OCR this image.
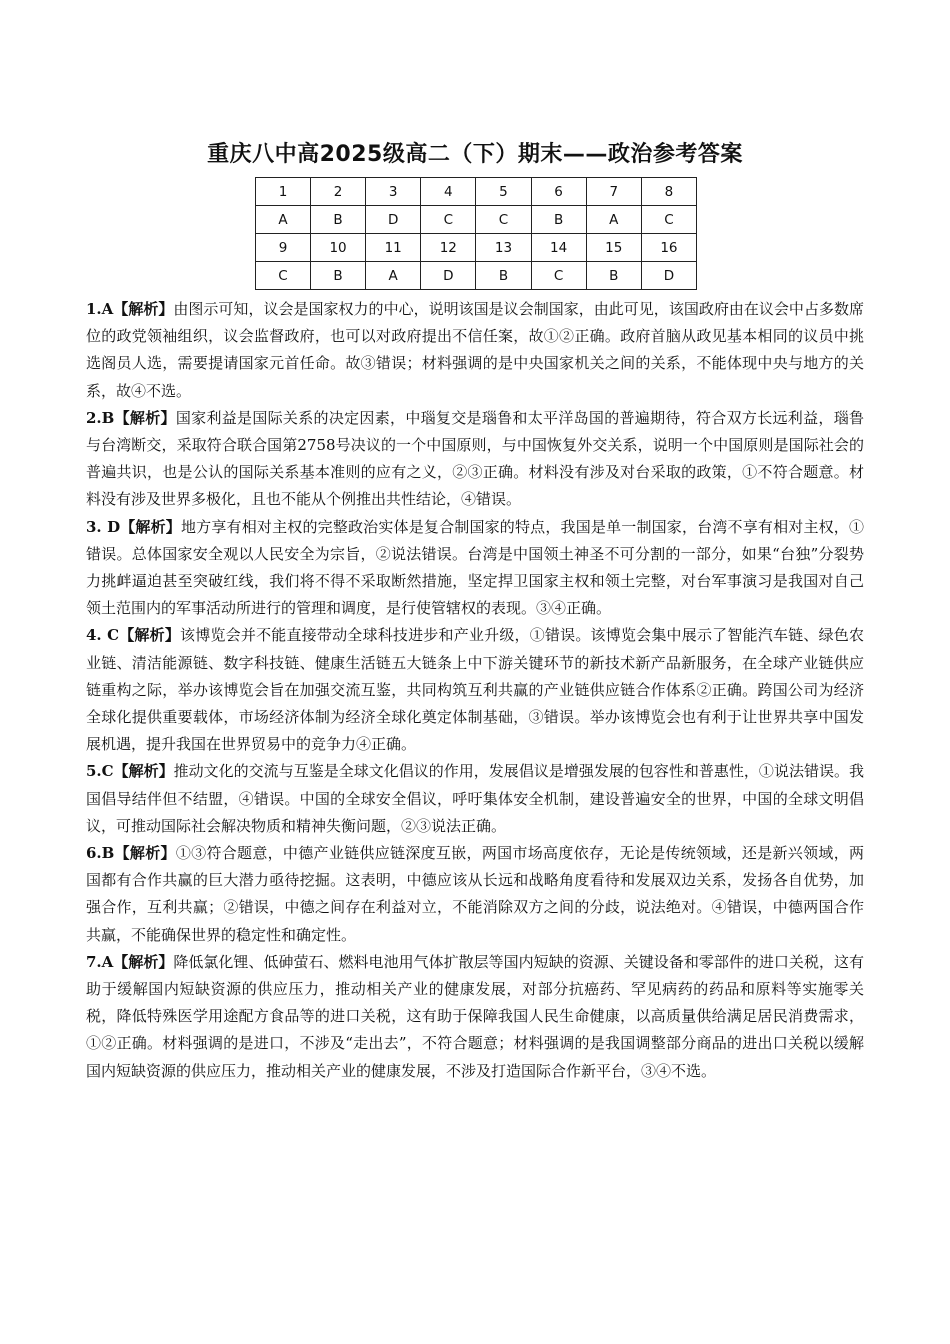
重庆八中高2025级高二（下）期末——政治参考答案
1	2	3	4	5	6	7	8
A	B	D	C	C	B	A	C
9	10	11	12	13	14	15	16
C	B	A	D	B	C	B	D

1.A【解析】由图示可知，议会是国家权力的中心，说明该国是议会制国家，由此可见，该国政府由在议会中占多数席位的政党领袖组织，议会监督政府，也可以对政府提出不信任案，故①②正确。政府首脑从政见基本相同的议员中挑选阁员人选，需要提请国家元首任命。故③错误；材料强调的是中央国家机关之间的关系，不能体现中央与地方的关系，故④不选。

2.B【解析】国家利益是国际关系的决定因素，中瑙复交是瑙鲁和太平洋岛国的普遍期待，符合双方长远利益，瑙鲁与台湾断交，采取符合联合国第2758号决议的一个中国原则，与中国恢复外交关系，说明一个中国原则是国际社会的普遍共识，也是公认的国际关系基本准则的应有之义，②③正确。材料没有涉及对台采取的政策，①不符合题意。材料没有涉及世界多极化，且也不能从个例推出共性结论，④错误。

3. D【解析】地方享有相对主权的完整政治实体是复合制国家的特点，我国是单一制国家，台湾不享有相对主权，①错误。总体国家安全观以人民安全为宗旨，②说法错误。台湾是中国领土神圣不可分割的一部分，如果“台独”分裂势力挑衅逼迫甚至突破红线，我们将不得不采取断然措施，坚定捍卫国家主权和领土完整，对台军事演习是我国对自己领土范围内的军事活动所进行的管理和调度，是行使管辖权的表现。③④正确。

4. C【解析】该博览会并不能直接带动全球科技进步和产业升级，①错误。该博览会集中展示了智能汽车链、绿色农业链、清洁能源链、数字科技链、健康生活链五大链条上中下游关键环节的新技术新产品新服务，在全球产业链供应链重构之际，举办该博览会旨在加强交流互鉴，共同构筑互利共赢的产业链供应链合作体系②正确。跨国公司为经济全球化提供重要载体，市场经济体制为经济全球化奠定体制基础，③错误。举办该博览会也有利于让世界共享中国发展机遇，提升我国在世界贸易中的竞争力④正确。

5.C【解析】推动文化的交流与互鉴是全球文化倡议的作用，发展倡议是增强发展的包容性和普惠性，①说法错误。我国倡导结伴但不结盟，④错误。中国的全球安全倡议，呼吁集体安全机制，建设普遍安全的世界，中国的全球文明倡议，可推动国际社会解决物质和精神失衡问题，②③说法正确。

6.B【解析】①③符合题意，中德产业链供应链深度互嵌，两国市场高度依存，无论是传统领域，还是新兴领域，两国都有合作共赢的巨大潜力亟待挖掘。这表明，中德应该从长远和战略角度看待和发展双边关系，发扬各自优势，加强合作，互利共赢；②错误，中德之间存在利益对立，不能消除双方之间的分歧，说法绝对。④错误，中德两国合作共赢，不能确保世界的稳定性和确定性。

7.A【解析】降低氯化锂、低砷萤石、燃料电池用气体扩散层等国内短缺的资源、关键设备和零部件的进口关税，这有助于缓解国内短缺资源的供应压力，推动相关产业的健康发展，对部分抗癌药、罕见病药的药品和原料等实施零关税，降低特殊医学用途配方食品等的进口关税，这有助于保障我国人民生命健康，以高质量供给满足居民消费需求，①②正确。材料强调的是进口，不涉及“走出去”，不符合题意；材料强调的是我国调整部分商品的进出口关税以缓解国内短缺资源的供应压力，推动相关产业的健康发展，不涉及打造国际合作新平台，③④不选。
